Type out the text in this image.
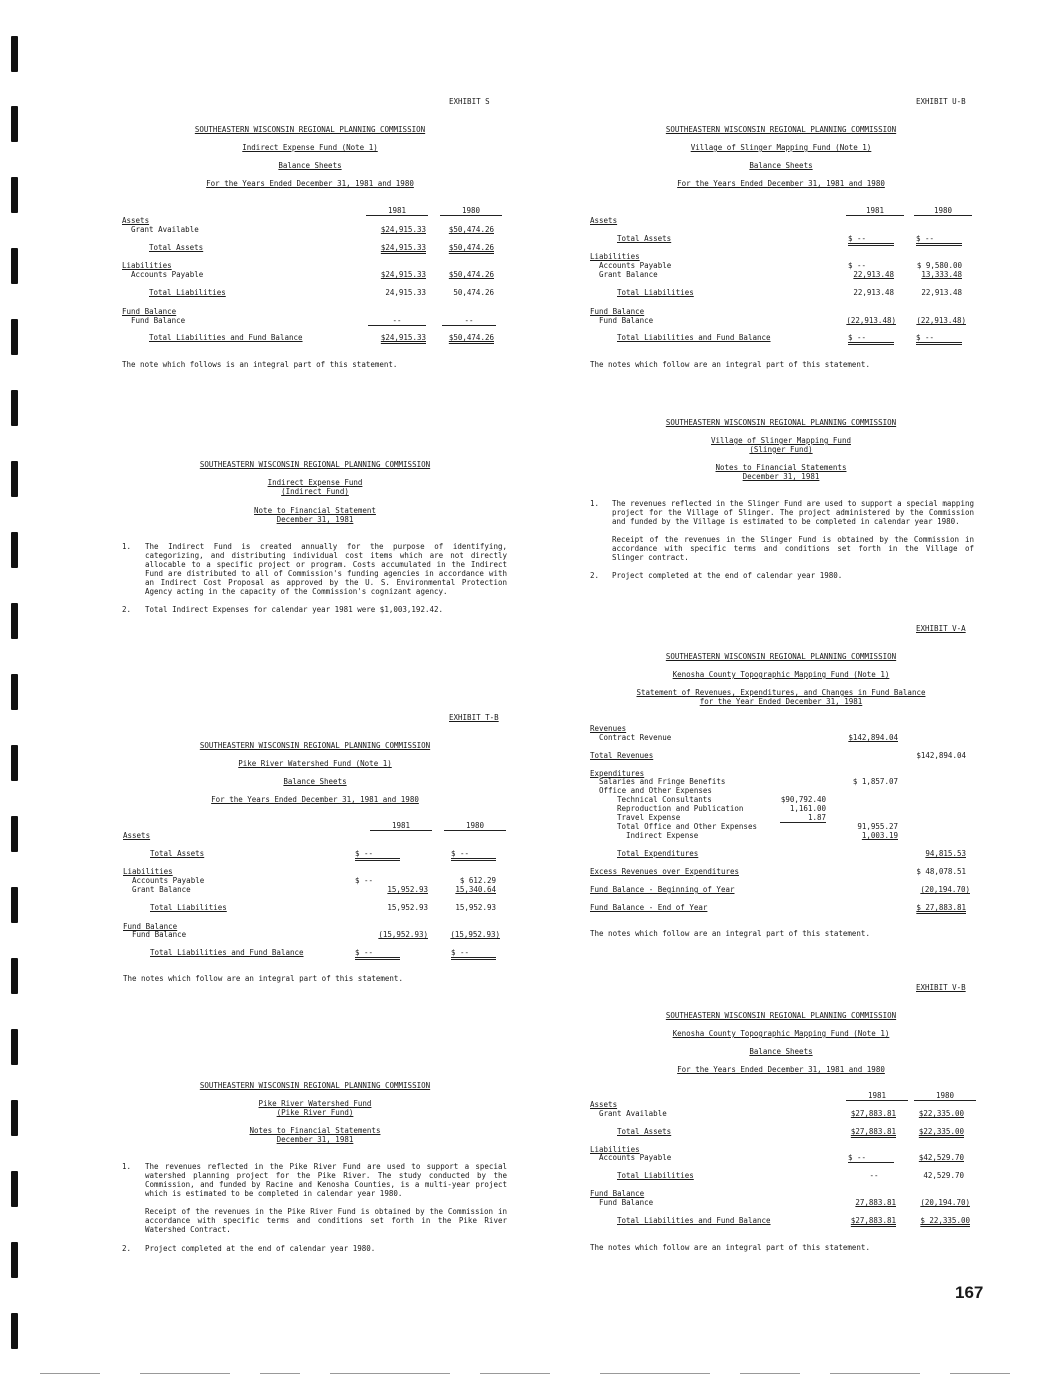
EXHIBIT S
SOUTHEASTERN WISCONSIN REGIONAL PLANNING COMMISSION
Indirect Expense Fund (Note 1)
Balance Sheets
For the Years Ended December 31, 1981 and 1980
1981	1980
Assets
Grant Available	$24,915.33	$50,474.26
Total Assets	$24,915.33	$50,474.26
Liabilities
Accounts Payable	$24,915.33	$50,474.26
Total Liabilities	24,915.33	50,474.26
Fund Balance
Fund Balance	--	--
Total Liabilities and Fund Balance	$24,915.33	$50,474.26
The note which follows is an integral part of this statement.
SOUTHEASTERN WISCONSIN REGIONAL PLANNING COMMISSION
Indirect Expense Fund
(Indirect Fund)
Note to Financial Statement
December 31, 1981
1. The Indirect Fund is created annually for the purpose of identifying, categorizing, and distributing individual cost items which are not directly allocable to a specific project or program. Costs accumulated in the Indirect Fund are distributed to all of Commission's funding agencies in accordance with an Indirect Cost Proposal as approved by the U. S. Environmental Protection Agency acting in the capacity of the Commission's cognizant agency.
2. Total Indirect Expenses for calendar year 1981 were $1,003,192.42.
EXHIBIT T-B
SOUTHEASTERN WISCONSIN REGIONAL PLANNING COMMISSION
Pike River Watershed Fund (Note 1)
Balance Sheets
For the Years Ended December 31, 1981 and 1980
1981	1980
Assets
Total Assets	$ --	$ --
Liabilities
Accounts Payable	$ --	$ 612.29
Grant Balance	15,952.93	15,340.64
Total Liabilities	15,952.93	15,952.93
Fund Balance
Fund Balance	(15,952.93)	(15,952.93)
Total Liabilities and Fund Balance	$ --	$ --
The notes which follow are an integral part of this statement.
SOUTHEASTERN WISCONSIN REGIONAL PLANNING COMMISSION
Pike River Watershed Fund
(Pike River Fund)
Notes to Financial Statements
December 31, 1981
1. The revenues reflected in the Pike River Fund are used to support a special watershed planning project for the Pike River. The study conducted by the Commission, and funded by Racine and Kenosha Counties, is a multi-year project which is estimated to be completed in calendar year 1980.
Receipt of the revenues in the Pike River Fund is obtained by the Commission in accordance with specific terms and conditions set forth in the Pike River Watershed Contract.
2. Project completed at the end of calendar year 1980.
EXHIBIT U-B
SOUTHEASTERN WISCONSIN REGIONAL PLANNING COMMISSION
Village of Slinger Mapping Fund (Note 1)
Balance Sheets
For the Years Ended December 31, 1981 and 1980
1981	1980
Assets
Total Assets	$ --	$ --
Liabilities
Accounts Payable	$ --	$ 9,580.00
Grant Balance	22,913.48	13,333.48
Total Liabilities	22,913.48	22,913.48
Fund Balance
Fund Balance	(22,913.48)	(22,913.48)
Total Liabilities and Fund Balance	$ --	$ --
The notes which follow are an integral part of this statement.
SOUTHEASTERN WISCONSIN REGIONAL PLANNING COMMISSION
Village of Slinger Mapping Fund
(Slinger Fund)
Notes to Financial Statements
December 31, 1981
1. The revenues reflected in the Slinger Fund are used to support a special mapping project for the Village of Slinger. The project administered by the Commission and funded by the Village is estimated to be completed in calendar year 1980.
Receipt of the revenues in the Slinger Fund is obtained by the Commission in accordance with specific terms and conditions set forth in the Village of Slinger contract.
2. Project completed at the end of calendar year 1980.
EXHIBIT V-A
SOUTHEASTERN WISCONSIN REGIONAL PLANNING COMMISSION
Kenosha County Topographic Mapping Fund (Note 1)
Statement of Revenues, Expenditures, and Changes in Fund Balance
for the Year Ended December 31, 1981
Revenues
Contract Revenue	$142,894.04
Total Revenues	$142,894.04
Expenditures
Salaries and Fringe Benefits	$ 1,857.07
Office and Other Expenses
Technical Consultants	$90,792.40
Reproduction and Publication	1,161.00
Travel Expense	1.87
Total Office and Other Expenses	91,955.27
Indirect Expense	1,003.19
Total Expenditures	94,815.53
Excess Revenues over Expenditures	$ 48,078.51
Fund Balance - Beginning of Year	(20,194.70)
Fund Balance - End of Year	$ 27,883.81
The notes which follow are an integral part of this statement.
EXHIBIT V-B
SOUTHEASTERN WISCONSIN REGIONAL PLANNING COMMISSION
Kenosha County Topographic Mapping Fund (Note 1)
Balance Sheets
For the Years Ended December 31, 1981 and 1980
1981	1980
Assets
Grant Available	$27,883.81	$22,335.00
Total Assets	$27,883.81	$22,335.00
Liabilities
Accounts Payable	$ --	$42,529.70
Total Liabilities	--	42,529.70
Fund Balance
Fund Balance	27,883.81	(20,194.70)
Total Liabilities and Fund Balance	$27,883.81	$ 22,335.00
The notes which follow are an integral part of this statement.
167
